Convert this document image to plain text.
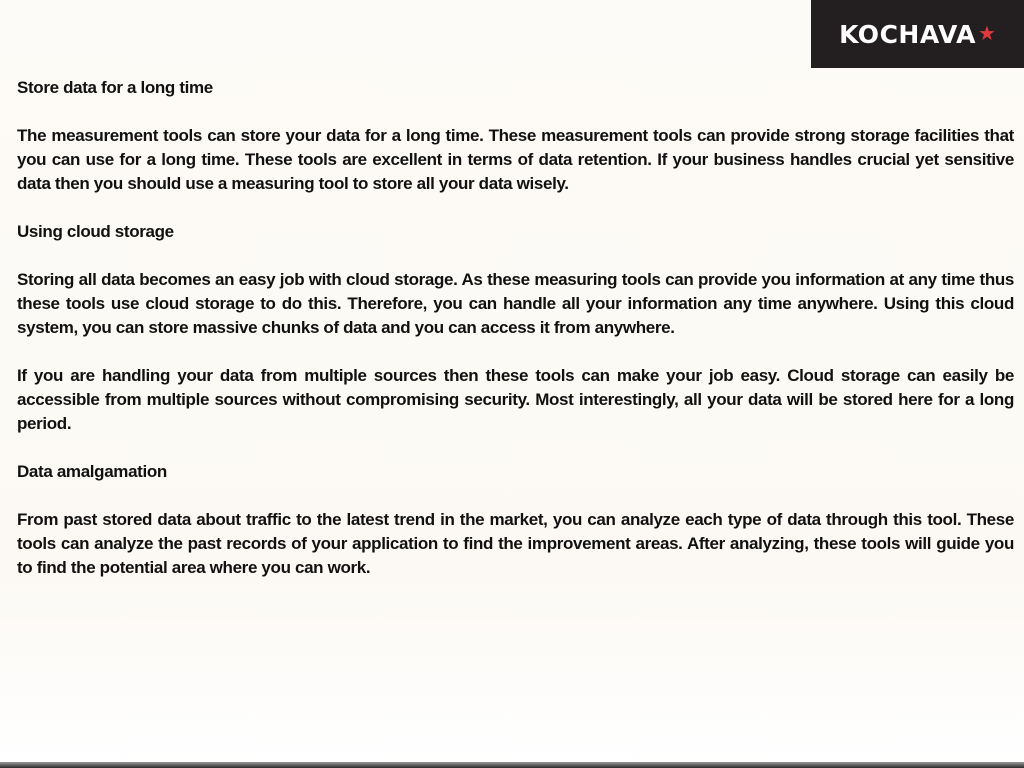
KOCHAVA ★

Store data for a long time

The measurement tools can store your data for a long time. These measurement tools can provide strong storage facilities that you can use for a long time. These tools are excellent in terms of data retention. If your business handles crucial yet sensitive data then you should use a measuring tool to store all your data wisely.

Using cloud storage

Storing all data becomes an easy job with cloud storage. As these measuring tools can provide you information at any time thus these tools use cloud storage to do this. Therefore, you can handle all your information any time anywhere. Using this cloud system, you can store massive chunks of data and you can access it from anywhere.

If you are handling your data from multiple sources then these tools can make your job easy. Cloud storage can easily be accessible from multiple sources without compromising security. Most interestingly, all your data will be stored here for a long period.

Data amalgamation

From past stored data about traffic to the latest trend in the market, you can analyze each type of data through this tool. These tools can analyze the past records of your application to find the improvement areas. After analyzing, these tools will guide you to find the potential area where you can work.
